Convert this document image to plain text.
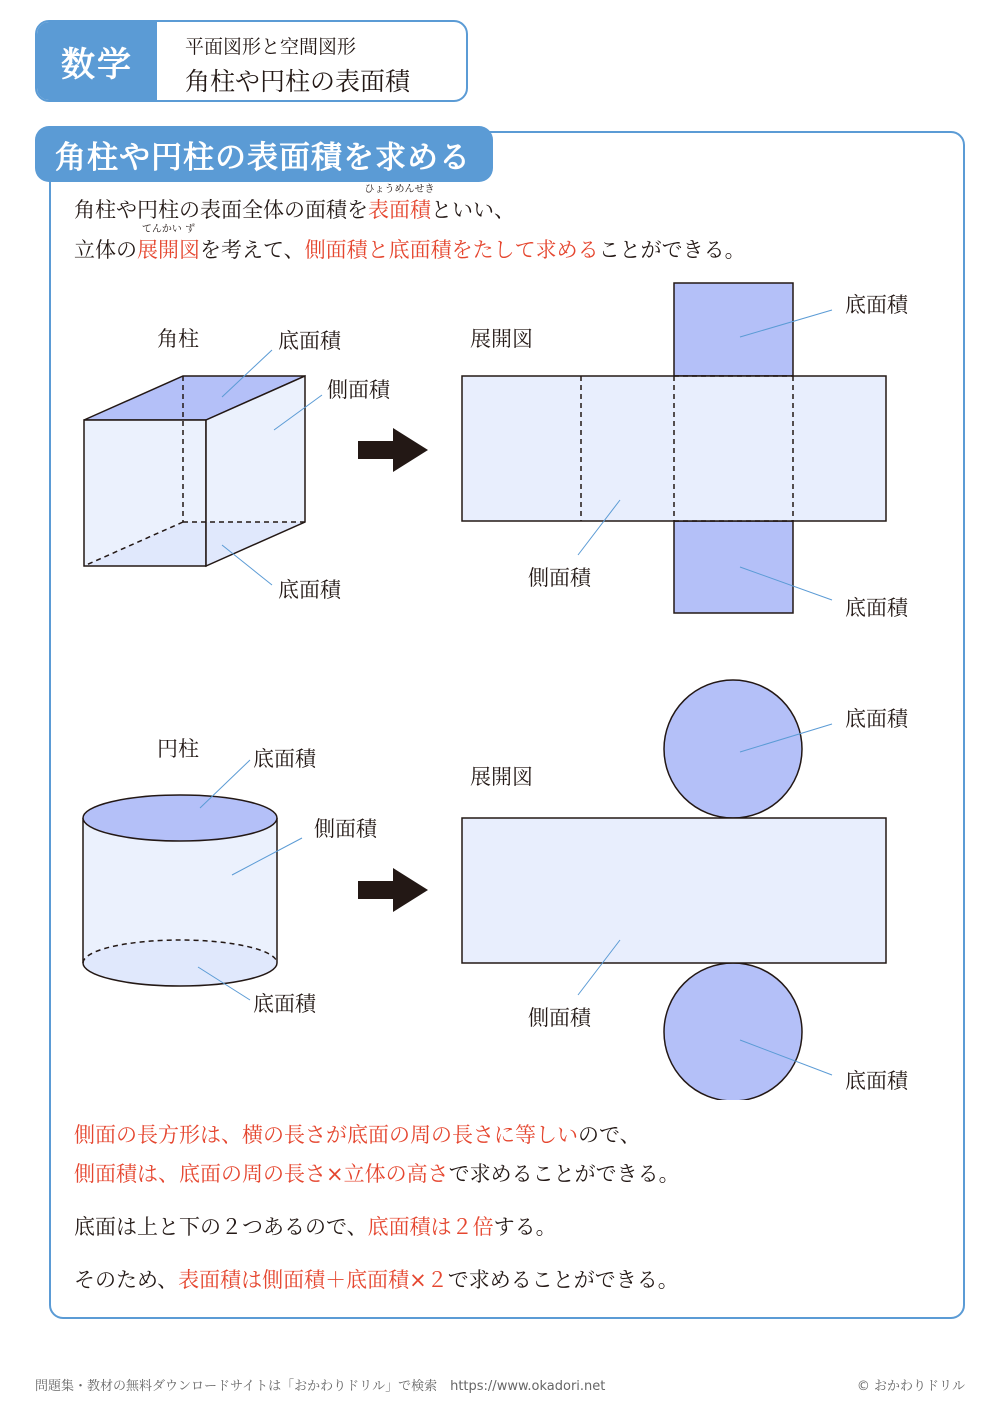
数学	平面図形と空間図形
角柱や円柱の表面積
角柱や円柱の表面積を求める
角柱や円柱の表面全体の面積を
ひょうめんせき
表面積といい、
立体の
てんかい ず
展開図を考えて、側面積と底面積をたして求めることができる。
角柱	底面積
側面積
底面積
展開図
底面積
側面積
底面積
円柱	底面積
側面積
底面積
展開図
底面積
側面積
底面積
側面の長方形は、横の長さが底面の周の長さに等しいので、
側面積は、底面の周の長さ×立体の高さで求めることができる。
底面は上と下の２つあるので、底面積は２倍する。
そのため、表面積は側面積＋底面積×２で求めることができる。
問題集・教材の無料ダウンロードサイトは「おかわりドリル」で検索　https://www.okadori.net	© おかわりドリル
